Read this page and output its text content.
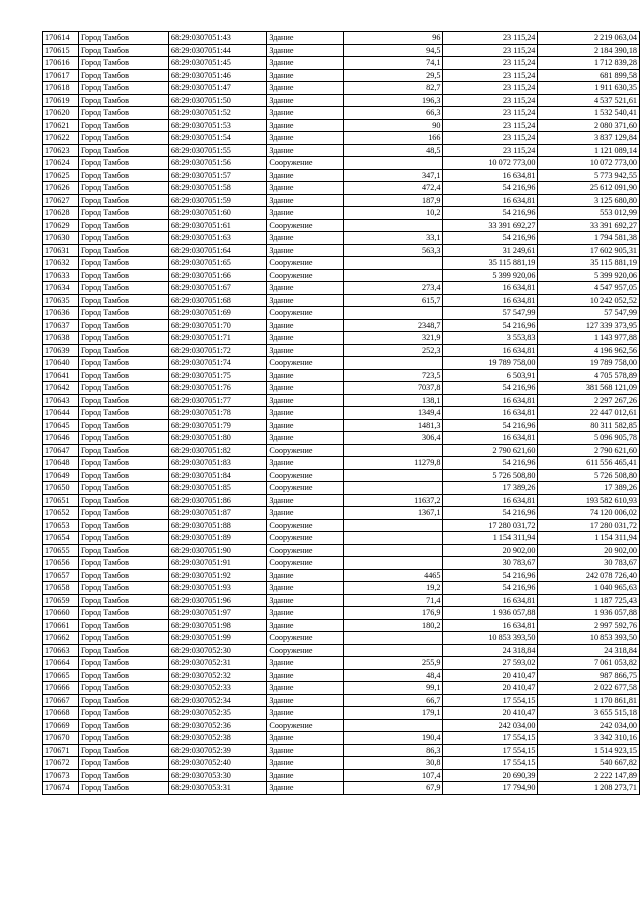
170614	Город Тамбов	68:29:0307051:43	Здание	96	23 115,24	2 219 063,04
170615	Город Тамбов	68:29:0307051:44	Здание	94,5	23 115,24	2 184 390,18
170616	Город Тамбов	68:29:0307051:45	Здание	74,1	23 115,24	1 712 839,28
170617	Город Тамбов	68:29:0307051:46	Здание	29,5	23 115,24	681 899,58
170618	Город Тамбов	68:29:0307051:47	Здание	82,7	23 115,24	1 911 630,35
170619	Город Тамбов	68:29:0307051:50	Здание	196,3	23 115,24	4 537 521,61
170620	Город Тамбов	68:29:0307051:52	Здание	66,3	23 115,24	1 532 540,41
170621	Город Тамбов	68:29:0307051:53	Здание	90	23 115,24	2 080 371,60
170622	Город Тамбов	68:29:0307051:54	Здание	166	23 115,24	3 837 129,84
170623	Город Тамбов	68:29:0307051:55	Здание	48,5	23 115,24	1 121 089,14
170624	Город Тамбов	68:29:0307051:56	Сооружение		10 072 773,00	10 072 773,00
170625	Город Тамбов	68:29:0307051:57	Здание	347,1	16 634,81	5 773 942,55
170626	Город Тамбов	68:29:0307051:58	Здание	472,4	54 216,96	25 612 091,90
170627	Город Тамбов	68:29:0307051:59	Здание	187,9	16 634,81	3 125 680,80
170628	Город Тамбов	68:29:0307051:60	Здание	10,2	54 216,96	553 012,99
170629	Город Тамбов	68:29:0307051:61	Сооружение		33 391 692,27	33 391 692,27
170630	Город Тамбов	68:29:0307051:63	Здание	33,1	54 216,96	1 794 581,38
170631	Город Тамбов	68:29:0307051:64	Здание	563,3	31 249,61	17 602 905,31
170632	Город Тамбов	68:29:0307051:65	Сооружение		35 115 881,19	35 115 881,19
170633	Город Тамбов	68:29:0307051:66	Сооружение		5 399 920,06	5 399 920,06
170634	Город Тамбов	68:29:0307051:67	Здание	273,4	16 634,81	4 547 957,05
170635	Город Тамбов	68:29:0307051:68	Здание	615,7	16 634,81	10 242 052,52
170636	Город Тамбов	68:29:0307051:69	Сооружение		57 547,99	57 547,99
170637	Город Тамбов	68:29:0307051:70	Здание	2348,7	54 216,96	127 339 373,95
170638	Город Тамбов	68:29:0307051:71	Здание	321,9	3 553,83	1 143 977,88
170639	Город Тамбов	68:29:0307051:72	Здание	252,3	16 634,81	4 196 962,56
170640	Город Тамбов	68:29:0307051:74	Сооружение		19 789 758,00	19 789 758,00
170641	Город Тамбов	68:29:0307051:75	Здание	723,5	6 503,91	4 705 578,89
170642	Город Тамбов	68:29:0307051:76	Здание	7037,8	54 216,96	381 568 121,09
170643	Город Тамбов	68:29:0307051:77	Здание	138,1	16 634,81	2 297 267,26
170644	Город Тамбов	68:29:0307051:78	Здание	1349,4	16 634,81	22 447 012,61
170645	Город Тамбов	68:29:0307051:79	Здание	1481,3	54 216,96	80 311 582,85
170646	Город Тамбов	68:29:0307051:80	Здание	306,4	16 634,81	5 096 905,78
170647	Город Тамбов	68:29:0307051:82	Сооружение		2 790 621,60	2 790 621,60
170648	Город Тамбов	68:29:0307051:83	Здание	11279,8	54 216,96	611 556 465,41
170649	Город Тамбов	68:29:0307051:84	Сооружение		5 726 508,80	5 726 508,80
170650	Город Тамбов	68:29:0307051:85	Сооружение		17 389,26	17 389,26
170651	Город Тамбов	68:29:0307051:86	Здание	11637,2	16 634,81	193 582 610,93
170652	Город Тамбов	68:29:0307051:87	Здание	1367,1	54 216,96	74 120 006,02
170653	Город Тамбов	68:29:0307051:88	Сооружение		17 280 031,72	17 280 031,72
170654	Город Тамбов	68:29:0307051:89	Сооружение		1 154 311,94	1 154 311,94
170655	Город Тамбов	68:29:0307051:90	Сооружение		20 902,00	20 902,00
170656	Город Тамбов	68:29:0307051:91	Сооружение		30 783,67	30 783,67
170657	Город Тамбов	68:29:0307051:92	Здание	4465	54 216,96	242 078 726,40
170658	Город Тамбов	68:29:0307051:93	Здание	19,2	54 216,96	1 040 965,63
170659	Город Тамбов	68:29:0307051:96	Здание	71,4	16 634,81	1 187 725,43
170660	Город Тамбов	68:29:0307051:97	Здание	176,9	1 936 057,88	1 936 057,88
170661	Город Тамбов	68:29:0307051:98	Здание	180,2	16 634,81	2 997 592,76
170662	Город Тамбов	68:29:0307051:99	Сооружение		10 853 393,50	10 853 393,50
170663	Город Тамбов	68:29:0307052:30	Сооружение		24 318,84	24 318,84
170664	Город Тамбов	68:29:0307052:31	Здание	255,9	27 593,02	7 061 053,82
170665	Город Тамбов	68:29:0307052:32	Здание	48,4	20 410,47	987 866,75
170666	Город Тамбов	68:29:0307052:33	Здание	99,1	20 410,47	2 022 677,58
170667	Город Тамбов	68:29:0307052:34	Здание	66,7	17 554,15	1 170 861,81
170668	Город Тамбов	68:29:0307052:35	Здание	179,1	20 410,47	3 655 515,18
170669	Город Тамбов	68:29:0307052:36	Сооружение		242 034,00	242 034,00
170670	Город Тамбов	68:29:0307052:38	Здание	190,4	17 554,15	3 342 310,16
170671	Город Тамбов	68:29:0307052:39	Здание	86,3	17 554,15	1 514 923,15
170672	Город Тамбов	68:29:0307052:40	Здание	30,8	17 554,15	540 667,82
170673	Город Тамбов	68:29:0307053:30	Здание	107,4	20 690,39	2 222 147,89
170674	Город Тамбов	68:29:0307053:31	Здание	67,9	17 794,90	1 208 273,71
